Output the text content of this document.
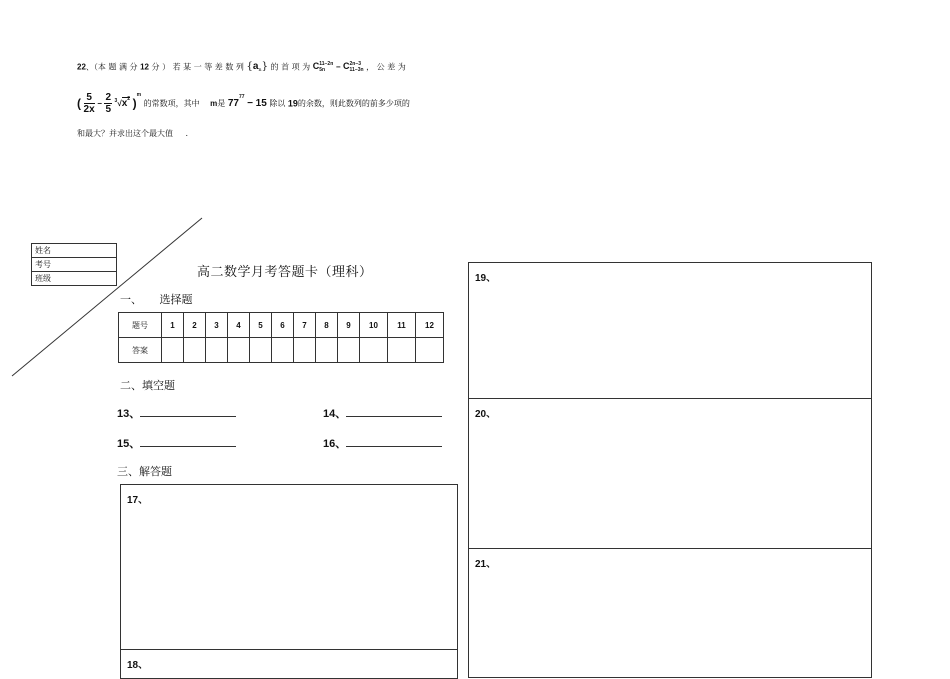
22、（本 题 满 分 12 分 ） 若 某 一 等 差 数 列 $\{a_n\}$ 的 首 项 为 C 11−2n
5n	− C 2n−3
11−3n ， 公 差 为
( $\frac{5}{2x} - \frac{2}{5} ^3√x^2$ )$^m$ 的常数项，其中 m是 $77^{77} - 15$ 除以 19的余数，则此数列的前多少项的
和最大？并求出这个最大值 .
姓名
考号
班级	高二数学月考答题卡（理科）
一、 选择题
题号	1	2	3	4	5	6	7	8	9	10	11	12
答案												
二、填空题
13、	14、
15、	16、
三、解答题
17、
18、
19、
20、
21、
